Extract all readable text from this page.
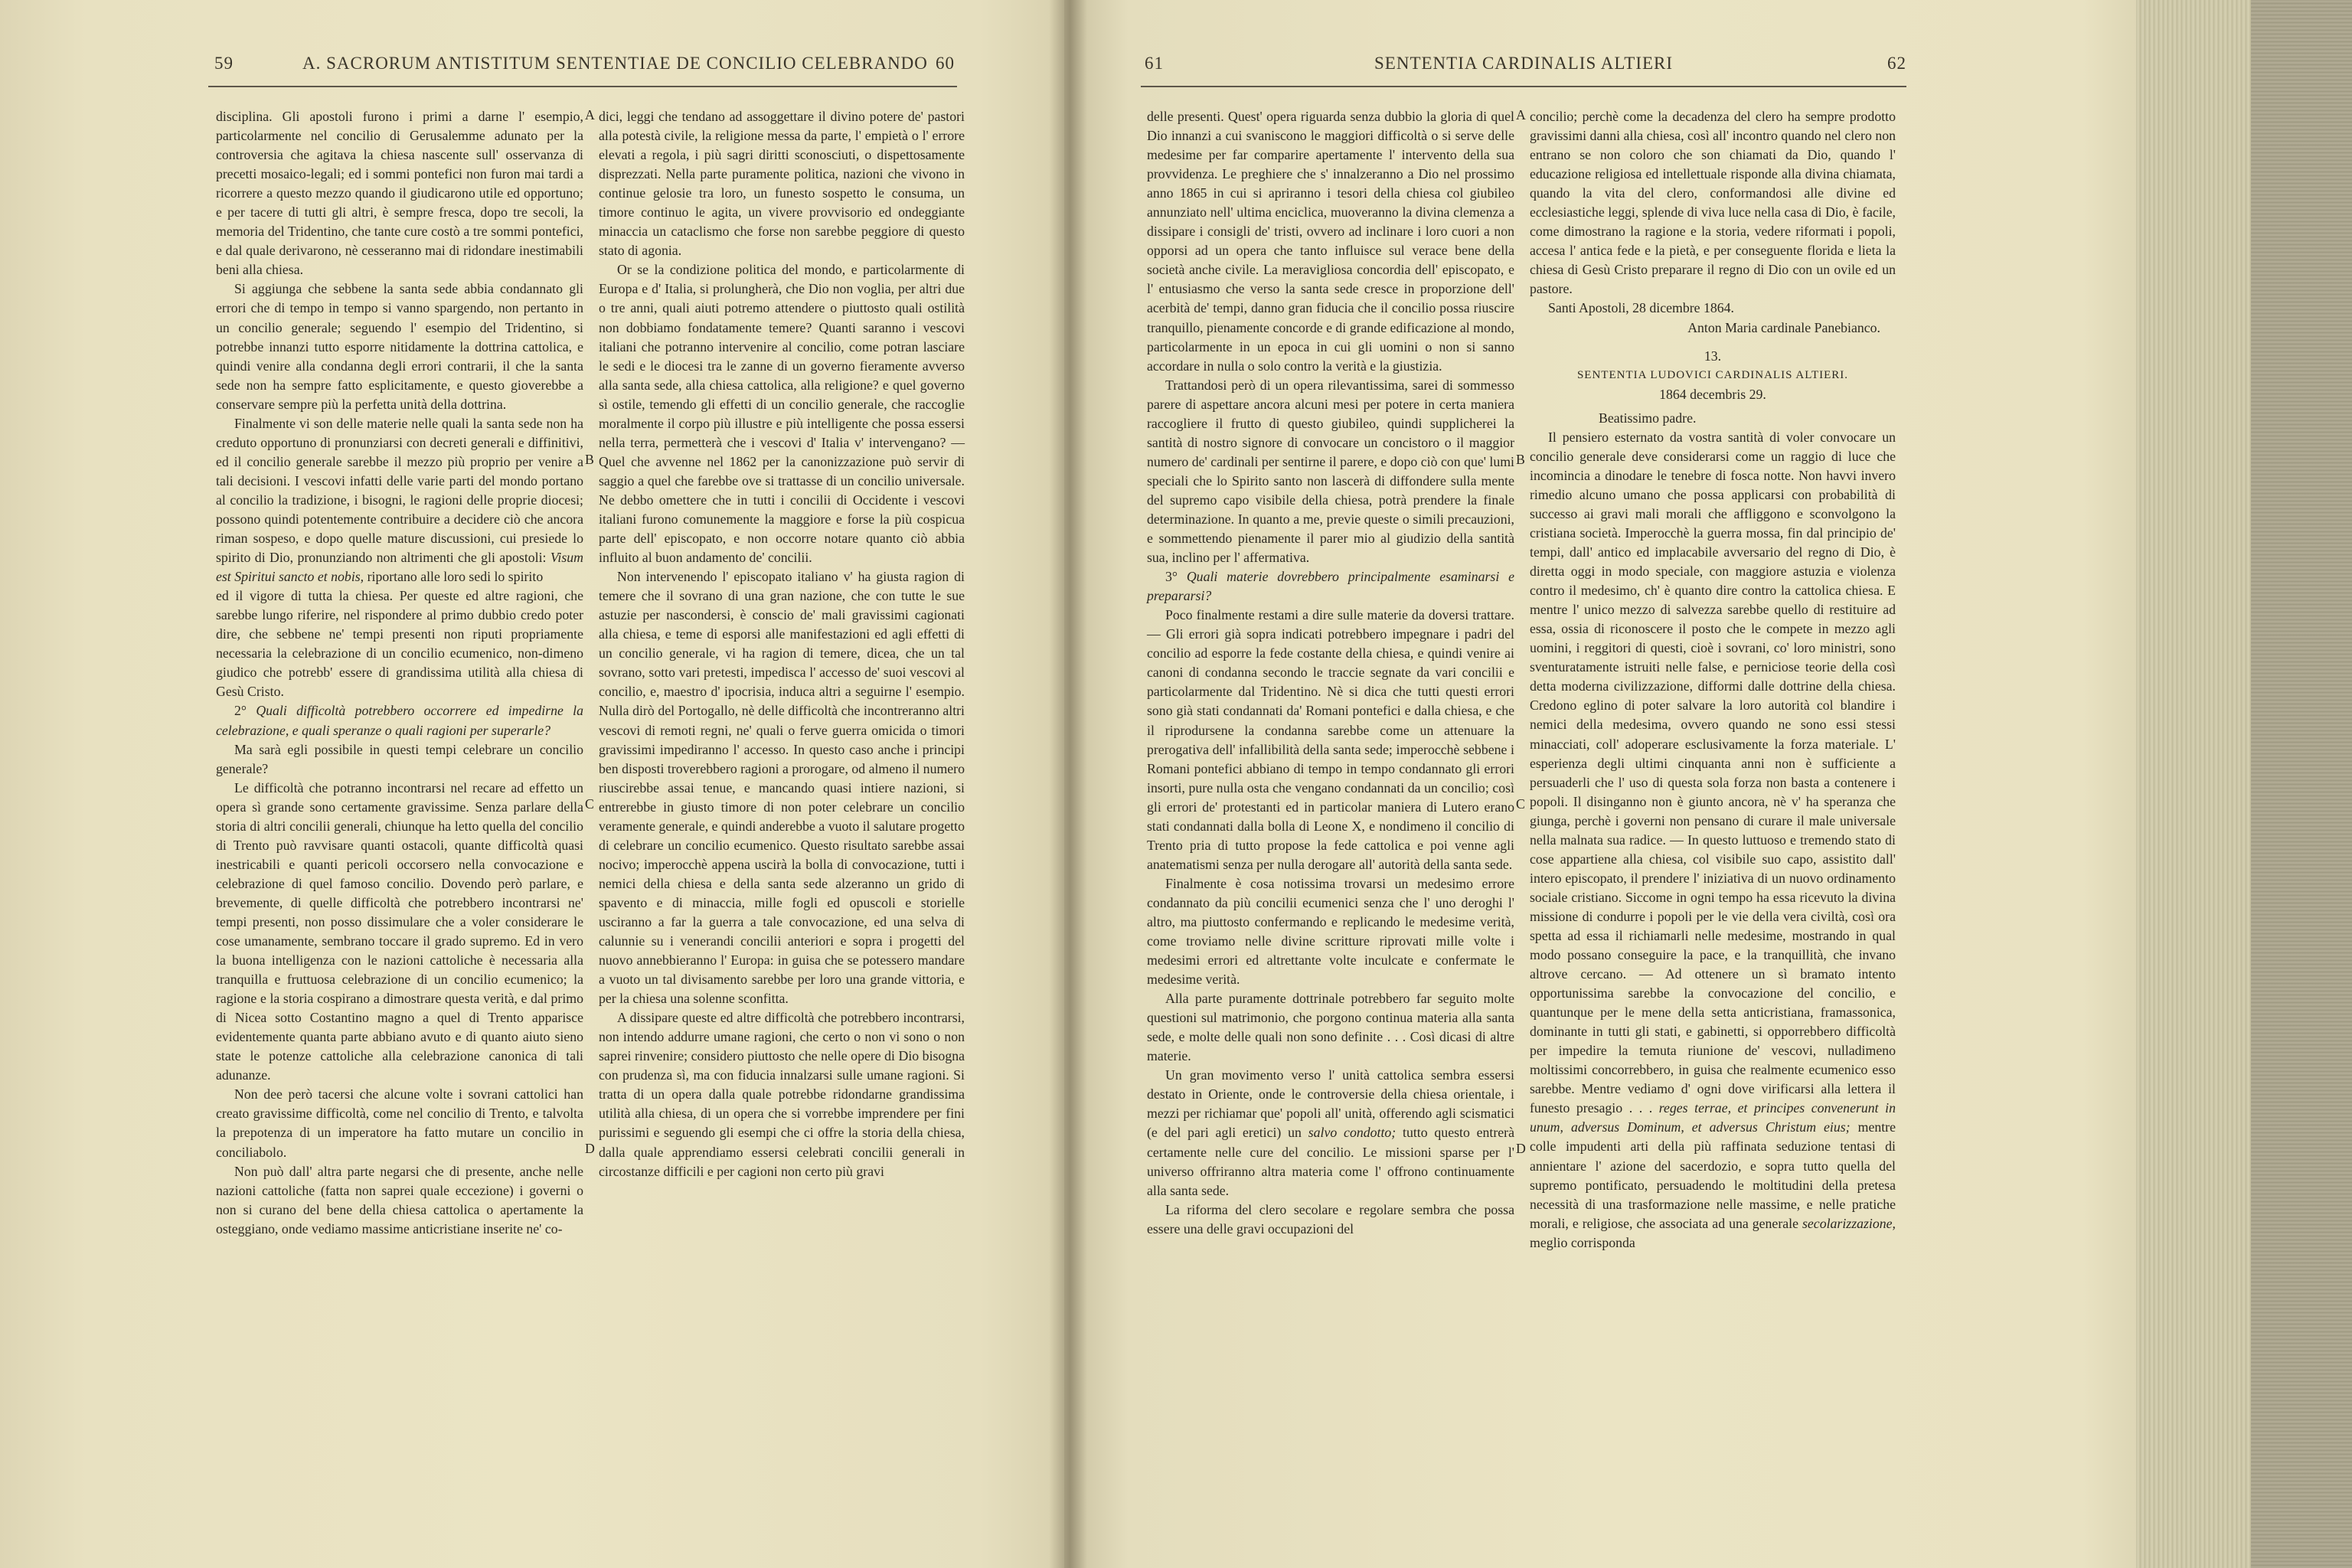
59	A. SACRORUM ANTISTITUM SENTENTIAE DE CONCILIO CELEBRANDO 60

disciplina. Gli apostoli furono i primi a darne l' esempio, particolarmente nel concilio di Gerusalemme adunato per la controversia che agitava la chiesa nascente sull' osservanza di precetti mosaico-legali; ed i sommi pontefici non furon mai tardi a ricorrere a questo mezzo quando il giudicarono utile ed opportuno; e per tacere di tutti gli altri, è sempre fresca, dopo tre secoli, la memoria del Tridentino, che tante cure costò a tre sommi pontefici, e dal quale derivarono, nè cesseranno mai di ridondare inestimabili beni alla chiesa.

Si aggiunga che sebbene la santa sede abbia condannato gli errori che di tempo in tempo si vanno spargendo, non pertanto in un concilio generale; seguendo l' esempio del Tridentino, si potrebbe innanzi tutto esporre nitidamente la dottrina cattolica, e quindi venire alla condanna degli errori contrarii, il che la santa sede non ha sempre fatto esplicitamente, e questo gioverebbe a conservare sempre più la perfetta unità della dottrina.

Finalmente vi son delle materie nelle quali la santa sede non ha creduto opportuno di pronunziarsi con decreti generali e diffinitivi, ed il concilio generale sarebbe il mezzo più proprio per venire a tali decisioni. I vescovi infatti delle varie parti del mondo portano al concilio la tradizione, i bisogni, le ragioni delle proprie diocesi; possono quindi potentemente contribuire a decidere ciò che ancora riman sospeso, e dopo quelle mature discussioni, cui presiede lo spirito di Dio, pronunziando non altrimenti che gli apostoli: Visum est Spiritui sancto et nobis, riportano alle loro sedi lo spirito

ed il vigore di tutta la chiesa. Per queste ed altre ragioni, che sarebbe lungo riferire, nel rispondere al primo dubbio credo poter dire, che sebbene ne' tempi presenti non riputi propriamente necessaria la celebrazione di un concilio ecumenico, non-dimeno giudico che potrebb' essere di grandissima utilità alla chiesa di Gesù Cristo.

2° Quali difficoltà potrebbero occorrere ed impedirne la celebrazione, e quali speranze o quali ragioni per superarle?

Ma sarà egli possibile in questi tempi celebrare un concilio generale?

Le difficoltà che potranno incontrarsi nel recare ad effetto un opera sì grande sono certamente gravissime. Senza parlare della storia di altri concilii generali, chiunque ha letto quella del concilio di Trento può ravvisare quanti ostacoli, quante difficoltà quasi inestricabili e quanti pericoli occorsero nella convocazione e celebrazione di quel famoso concilio. Dovendo però parlare, e brevemente, di quelle difficoltà che potrebbero incontrarsi ne' tempi presenti, non posso dissimulare che a voler considerare le cose umanamente, sembrano toccare il grado supremo. Ed in vero la buona intelligenza con le nazioni cattoliche è necessaria alla tranquilla e fruttuosa celebrazione di un concilio ecumenico; la ragione e la storia cospirano a dimostrare questa verità, e dal primo di Nicea sotto Costantino magno a quel di Trento apparisce evidentemente quanta parte abbiano avuto e di quanto aiuto sieno state le potenze cattoliche alla celebrazione canonica di tali adunanze.

Non dee però tacersi che alcune volte i sovrani cattolici han creato gravissime difficoltà, come nel concilio di Trento, e talvolta la prepotenza di un imperatore ha fatto mutare un concilio in conciliabolo.

Non può dall' altra parte negarsi che di presente, anche nelle nazioni cattoliche (fatta non saprei quale eccezione) i governi o non si curano del bene della chiesa cattolica o apertamente la osteggiano, onde vediamo massime anticristiane inserite ne' co-

A
B
C
D

dici, leggi che tendano ad assoggettare il divino potere de' pastori alla potestà civile, la religione messa da parte, l' empietà o l' errore elevati a regola, i più sagri diritti sconosciuti, o dispettosamente disprezzati. Nella parte puramente politica, nazioni che vivono in continue gelosie tra loro, un funesto sospetto le consuma, un timore continuo le agita, un vivere provvisorio ed ondeggiante minaccia un cataclismo che forse non sarebbe peggiore di questo stato di agonia.

Or se la condizione politica del mondo, e particolarmente di Europa e d' Italia, si prolungherà, che Dio non voglia, per altri due o tre anni, quali aiuti potremo attendere o piuttosto quali ostilità non dobbiamo fondatamente temere? Quanti saranno i vescovi italiani che potranno intervenire al concilio, come potran lasciare le sedi e le diocesi tra le zanne di un governo fieramente avverso alla santa sede, alla chiesa cattolica, alla religione? e quel governo sì ostile, temendo gli effetti di un concilio generale, che raccoglie moralmente il corpo più illustre e più intelligente che possa essersi nella terra, permetterà che i vescovi d' Italia v' intervengano? — Quel che avvenne nel 1862 per la canonizzazione può servir di saggio a quel che farebbe ove si trattasse di un concilio universale. Ne debbo omettere che in tutti i concilii di Occidente i vescovi italiani furono comunemente la maggiore e forse la più cospicua parte dell' episcopato, e non occorre notare quanto ciò abbia influito al buon andamento de' concilii.

Non intervenendo l' episcopato italiano v' ha giusta ragion di temere che il sovrano di una gran nazione, che con tutte le sue astuzie per nascondersi, è conscio de' mali gravissimi cagionati alla chiesa, e teme di esporsi alle manifestazioni ed agli effetti di un concilio generale, vi ha ragion di temere, dicea, che un tal sovrano, sotto vari pretesti, impedisca l' accesso de' suoi vescovi al concilio, e, maestro d' ipocrisia, induca altri a seguirne l' esempio. Nulla dirò del Portogallo, nè delle difficoltà che incontreranno altri vescovi di remoti regni, ne' quali o ferve guerra omicida o timori gravissimi impediranno l' accesso. In questo caso anche i principi ben disposti troverebbero ragioni a prorogare, od almeno il numero riuscirebbe assai tenue, e mancando quasi intiere nazioni, si entrerebbe in giusto timore di non poter celebrare un concilio veramente generale, e quindi anderebbe a vuoto il salutare progetto di celebrare un concilio ecumenico. Questo risultato sarebbe assai nocivo; imperocchè appena uscirà la bolla di convocazione, tutti i nemici della chiesa e della santa sede alzeranno un grido di spavento e di minaccia, mille fogli ed opuscoli e storielle usciranno a far la guerra a tale convocazione, ed una selva di calunnie su i venerandi concilii anteriori e sopra i progetti del nuovo annebbieranno l' Europa: in guisa che se potessero mandare a vuoto un tal divisamento sarebbe per loro una grande vittoria, e per la chiesa una solenne sconfitta.

A dissipare queste ed altre difficoltà che potrebbero incontrarsi, non intendo addurre umane ragioni, che certo o non vi sono o non saprei rinvenire; considero piuttosto che nelle opere di Dio bisogna con prudenza sì, ma con fiducia innalzarsi sulle umane ragioni. Si tratta di un opera dalla quale potrebbe ridondarne grandissima utilità alla chiesa, di un opera che si vorrebbe imprendere per fini purissimi e seguendo gli esempi che ci offre la storia della chiesa, dalla quale apprendiamo essersi celebrati concilii generali in circostanze difficili e per cagioni non certo più gravi

61	SENTENTIA CARDINALIS ALTIERI	62

delle presenti. Quest' opera riguarda senza dubbio la gloria di quel Dio innanzi a cui svaniscono le maggiori difficoltà o si serve delle medesime per far comparire apertamente l' intervento della sua provvidenza. Le preghiere che s' innalzeranno a Dio nel prossimo anno 1865 in cui si apriranno i tesori della chiesa col giubileo annunziato nell' ultima enciclica, muoveranno la divina clemenza a dissipare i consigli de' tristi, ovvero ad inclinare i loro cuori a non opporsi ad un opera che tanto influisce sul verace bene della società anche civile. La meravigliosa concordia dell' episcopato, e l' entusiasmo che verso la santa sede cresce in proporzione dell' acerbità de' tempi, danno gran fiducia che il concilio possa riuscire tranquillo, pienamente concorde e di grande edificazione al mondo, particolarmente in un epoca in cui gli uomini o non si sanno accordare in nulla o solo contro la verità e la giustizia.

Trattandosi però di un opera rilevantissima, sarei di sommesso parere di aspettare ancora alcuni mesi per potere in certa maniera raccogliere il frutto di questo giubileo, quindi supplicherei la santità di nostro signore di convocare un concistoro o il maggior numero de' cardinali per sentirne il parere, e dopo ciò con que' lumi speciali che lo Spirito santo non lascerà di diffondere sulla mente del supremo capo visibile della chiesa, potrà prendere la finale determinazione. In quanto a me, previe queste o simili precauzioni, e sommettendo pienamente il parer mio al giudizio della santità sua, inclino per l' affermativa.

3° Quali materie dovrebbero principalmente esaminarsi e prepararsi?

Poco finalmente restami a dire sulle materie da doversi trattare. — Gli errori già sopra indicati potrebbero impegnare i padri del concilio ad esporre la fede costante della chiesa, e quindi venire ai canoni di condanna secondo le traccie segnate da vari concilii e particolarmente dal Tridentino. Nè si dica che tutti questi errori sono già stati condannati da' Romani pontefici e dalla chiesa, e che il riprodursene la condanna sarebbe come un attenuare la prerogativa dell' infallibilità della santa sede; imperocchè sebbene i Romani pontefici abbiano di tempo in tempo condannato gli errori insorti, pure nulla osta che vengano condannati da un concilio; così gli errori de' protestanti ed in particolar maniera di Lutero erano stati condannati dalla bolla di Leone X, e nondimeno il concilio di Trento pria di tutto propose la fede cattolica e poi venne agli anatematismi senza per nulla derogare all' autorità della santa sede.

Finalmente è cosa notissima trovarsi un medesimo errore condannato da più concilii ecumenici senza che l' uno deroghi l' altro, ma piuttosto confermando e replicando le medesime verità, come troviamo nelle divine scritture riprovati mille volte i medesimi errori ed altrettante volte inculcate e confermate le medesime verità.

Alla parte puramente dottrinale potrebbero far seguito molte questioni sul matrimonio, che porgono continua materia alla santa sede, e molte delle quali non sono definite . . . Così dicasi di altre materie.

Un gran movimento verso l' unità cattolica sembra essersi destato in Oriente, onde le controversie della chiesa orientale, i mezzi per richiamar que' popoli all' unità, offerendo agli scismatici (e del pari agli eretici) un salvo condotto; tutto questo entrerà certamente nelle cure del concilio. Le missioni sparse per l' universo offriranno altra materia come l' offrono continuamente alla santa sede.

La riforma del clero secolare e regolare sembra che possa essere una delle gravi occupazioni del

A
B
C
D

concilio; perchè come la decadenza del clero ha sempre prodotto gravissimi danni alla chiesa, così all' incontro quando nel clero non entrano se non coloro che son chiamati da Dio, quando l' educazione religiosa ed intellettuale risponde alla divina chiamata, quando la vita del clero, conformandosi alle divine ed ecclesiastiche leggi, splende di viva luce nella casa di Dio, è facile, come dimostrano la ragione e la storia, vedere riformati i popoli, accesa l' antica fede e la pietà, e per conseguente florida e lieta la chiesa di Gesù Cristo preparare il regno di Dio con un ovile ed un pastore.

Santi Apostoli, 28 dicembre 1864.

Anton Maria cardinale Panebianco.

13.

SENTENTIA LUDOVICI CARDINALIS ALTIERI.

1864 decembris 29.

Beatissimo padre.

Il pensiero esternato da vostra santità di voler convocare un concilio generale deve considerarsi come un raggio di luce che incomincia a dinodare le tenebre di fosca notte. Non havvi invero rimedio alcuno umano che possa applicarsi con probabilità di successo ai gravi mali morali che affliggono e sconvolgono la cristiana società. Imperocchè la guerra mossa, fin dal principio de' tempi, dall' antico ed implacabile avversario del regno di Dio, è diretta oggi in modo speciale, con maggiore astuzia e violenza contro il medesimo, ch' è quanto dire contro la cattolica chiesa. E mentre l' unico mezzo di salvezza sarebbe quello di restituire ad essa, ossia di riconoscere il posto che le compete in mezzo agli uomini, i reggitori di questi, cioè i sovrani, co' loro ministri, sono sventuratamente istruiti nelle false, e perniciose teorie della così detta moderna civilizzazione, difformi dalle dottrine della chiesa. Credono eglino di poter salvare la loro autorità col blandire i nemici della medesima, ovvero quando ne sono essi stessi minacciati, coll' adoperare esclusivamente la forza materiale. L' esperienza degli ultimi cinquanta anni non è sufficiente a persuaderli che l' uso di questa sola forza non basta a contenere i popoli. Il disinganno non è giunto ancora, nè v' ha speranza che giunga, perchè i governi non pensano di curare il male universale nella malnata sua radice. — In questo luttuoso e tremendo stato di cose appartiene alla chiesa, col visibile suo capo, assistito dall' intero episcopato, il prendere l' iniziativa di un nuovo ordinamento sociale cristiano. Siccome in ogni tempo ha essa ricevuto la divina missione di condurre i popoli per le vie della vera civiltà, così ora spetta ad essa il richiamarli nelle medesime, mostrando in qual modo possano conseguire la pace, e la tranquillità, che invano altrove cercano. — Ad ottenere un sì bramato intento opportunissima sarebbe la convocazione del concilio, e quantunque per le mene della setta anticristiana, framassonica, dominante in tutti gli stati, e gabinetti, si opporrebbero difficoltà per impedire la temuta riunione de' vescovi, nulladimeno moltissimi concorrebbero, in guisa che realmente ecumenico esso sarebbe. Mentre vediamo d' ogni dove virificarsi alla lettera il funesto presagio . . . reges terrae, et principes convenerunt in unum, adversus Dominum, et adversus Christum eius; mentre colle impudenti arti della più raffinata seduzione tentasi di annientare l' azione del sacerdozio, e sopra tutto quella del supremo pontificato, persuadendo le moltitudini della pretesa necessità di una trasformazione nelle massime, e nelle pratiche morali, e religiose, che associata ad una generale secolarizzazione, meglio corrisponda
